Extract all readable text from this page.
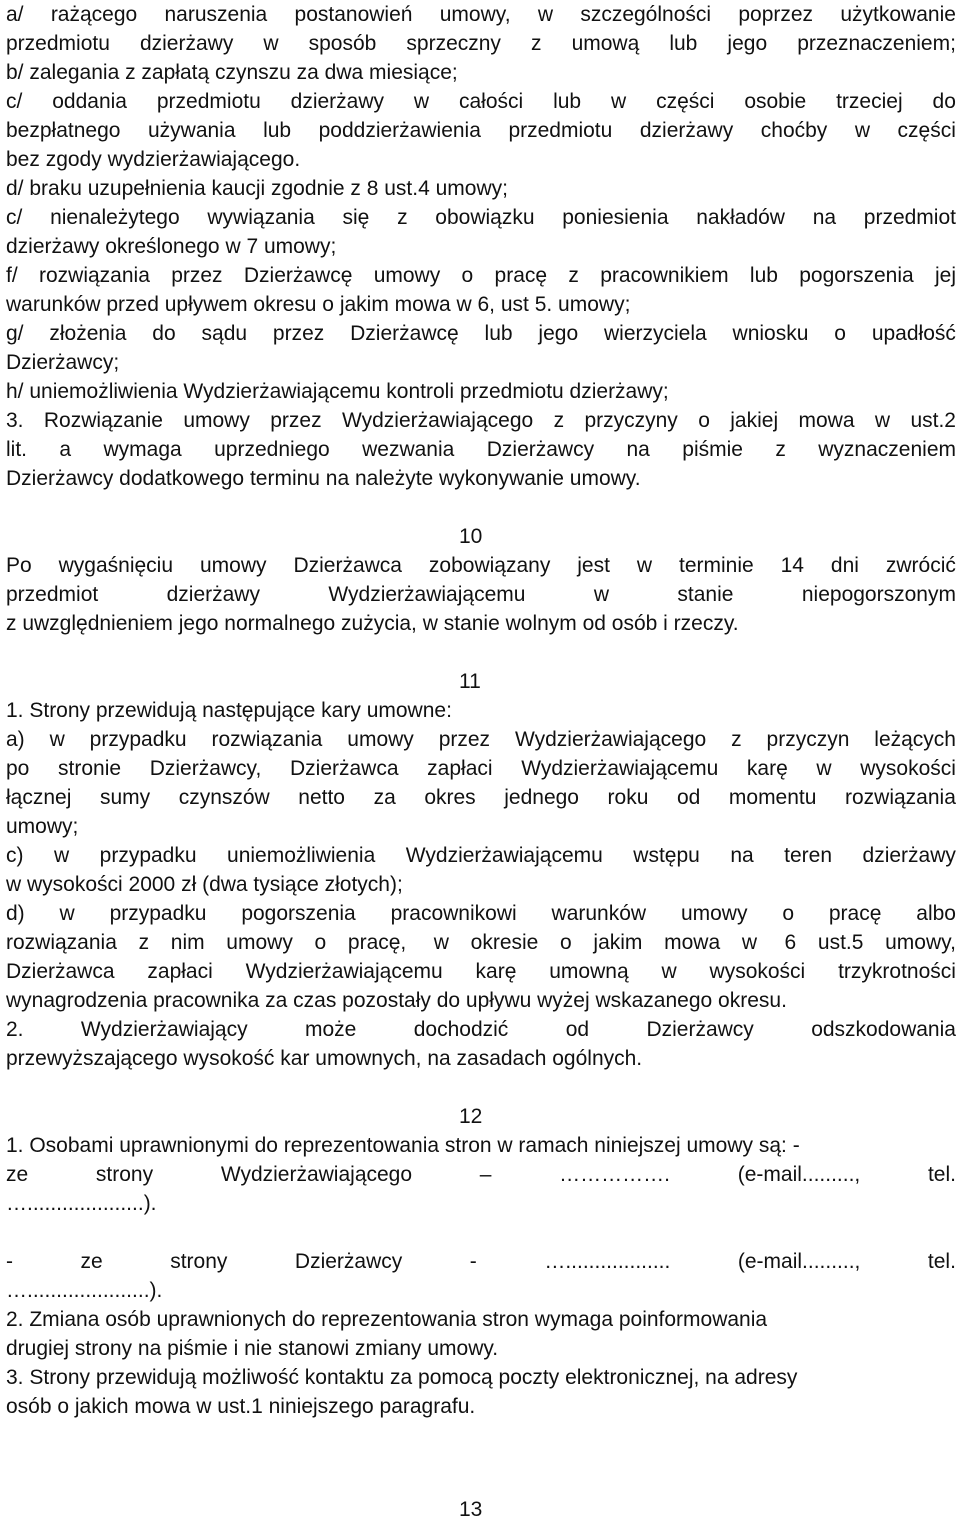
a/ rażącego naruszenia postanowień umowy, w szczególności poprzez użytkowanie
przedmiotu dzierżawy w sposób sprzeczny z umową lub jego przeznaczeniem;
b/ zalegania z zapłatą czynszu za dwa miesiące;
c/ oddania przedmiotu dzierżawy w całości lub w części osobie trzeciej do
bezpłatnego używania lub poddzierżawienia przedmiotu dzierżawy choćby w części
bez zgody wydzierżawiającego.
d/ braku uzupełnienia kaucji zgodnie z 8 ust.4 umowy;
c/ nienależytego wywiązania się z obowiązku poniesienia nakładów na przedmiot
dzierżawy określonego w 7 umowy;
f/ rozwiązania przez Dzierżawcę umowy o pracę z pracownikiem lub pogorszenia jej
warunków przed upływem okresu o jakim mowa w 6, ust 5. umowy;
g/ złożenia do sądu przez Dzierżawcę lub jego wierzyciela wniosku o upadłość
Dzierżawcy;
h/ uniemożliwienia Wydzierżawiającemu kontroli przedmiotu dzierżawy;
3. Rozwiązanie umowy przez Wydzierżawiającego z przyczyny o jakiej mowa w ust.2
lit. a wymaga uprzedniego wezwania Dzierżawcy na piśmie z wyznaczeniem
Dzierżawcy dodatkowego terminu na należyte wykonywanie umowy.
10
Po wygaśnięciu umowy Dzierżawca zobowiązany jest w terminie 14 dni zwrócić
przedmiot	dzierżawy	Wydzierżawiającemu	w	stanie	niepogorszonym
z uwzględnieniem jego normalnego zużycia, w stanie wolnym od osób i rzeczy.
11
1. Strony przewidują następujące kary umowne:
a) w przypadku rozwiązania umowy przez Wydzierżawiającego z przyczyn leżących
po stronie Dzierżawcy, Dzierżawca zapłaci Wydzierżawiającemu karę w wysokości
łącznej sumy czynszów netto za okres jednego roku od momentu rozwiązania
umowy;
c) w przypadku uniemożliwienia Wydzierżawiającemu wstępu na teren dzierżawy
w wysokości 2000 zł (dwa tysiące złotych);
d) w przypadku pogorszenia pracownikowi warunków umowy o pracę albo
rozwiązania z nim umowy o pracę, w okresie o jakim mowa w 6 ust.5 umowy,
Dzierżawca zapłaci Wydzierżawiającemu karę umowną w wysokości trzykrotności
wynagrodzenia pracownika za czas pozostały do upływu wyżej wskazanego okresu.
2.	Wydzierżawiający	może	dochodzić	od	Dzierżawcy	odszkodowania
przewyższającego wysokość kar umownych, na zasadach ogólnych.
12
1. Osobami uprawnionymi do reprezentowania stron w ramach niniejszej umowy są: -
ze	strony	Wydzierżawiającego	–	…………….	(e-mail.........,	tel.
…....................).
-	ze	strony	Dzierżawcy	-	…..................	(e-mail.........,	tel.
….....................).
2. Zmiana osób uprawnionych do reprezentowania stron wymaga poinformowania
drugiej strony na piśmie i nie stanowi zmiany umowy.
3. Strony przewidują możliwość kontaktu za pomocą poczty elektronicznej, na adresy
osób o jakich mowa w ust.1 niniejszego paragrafu.
13
